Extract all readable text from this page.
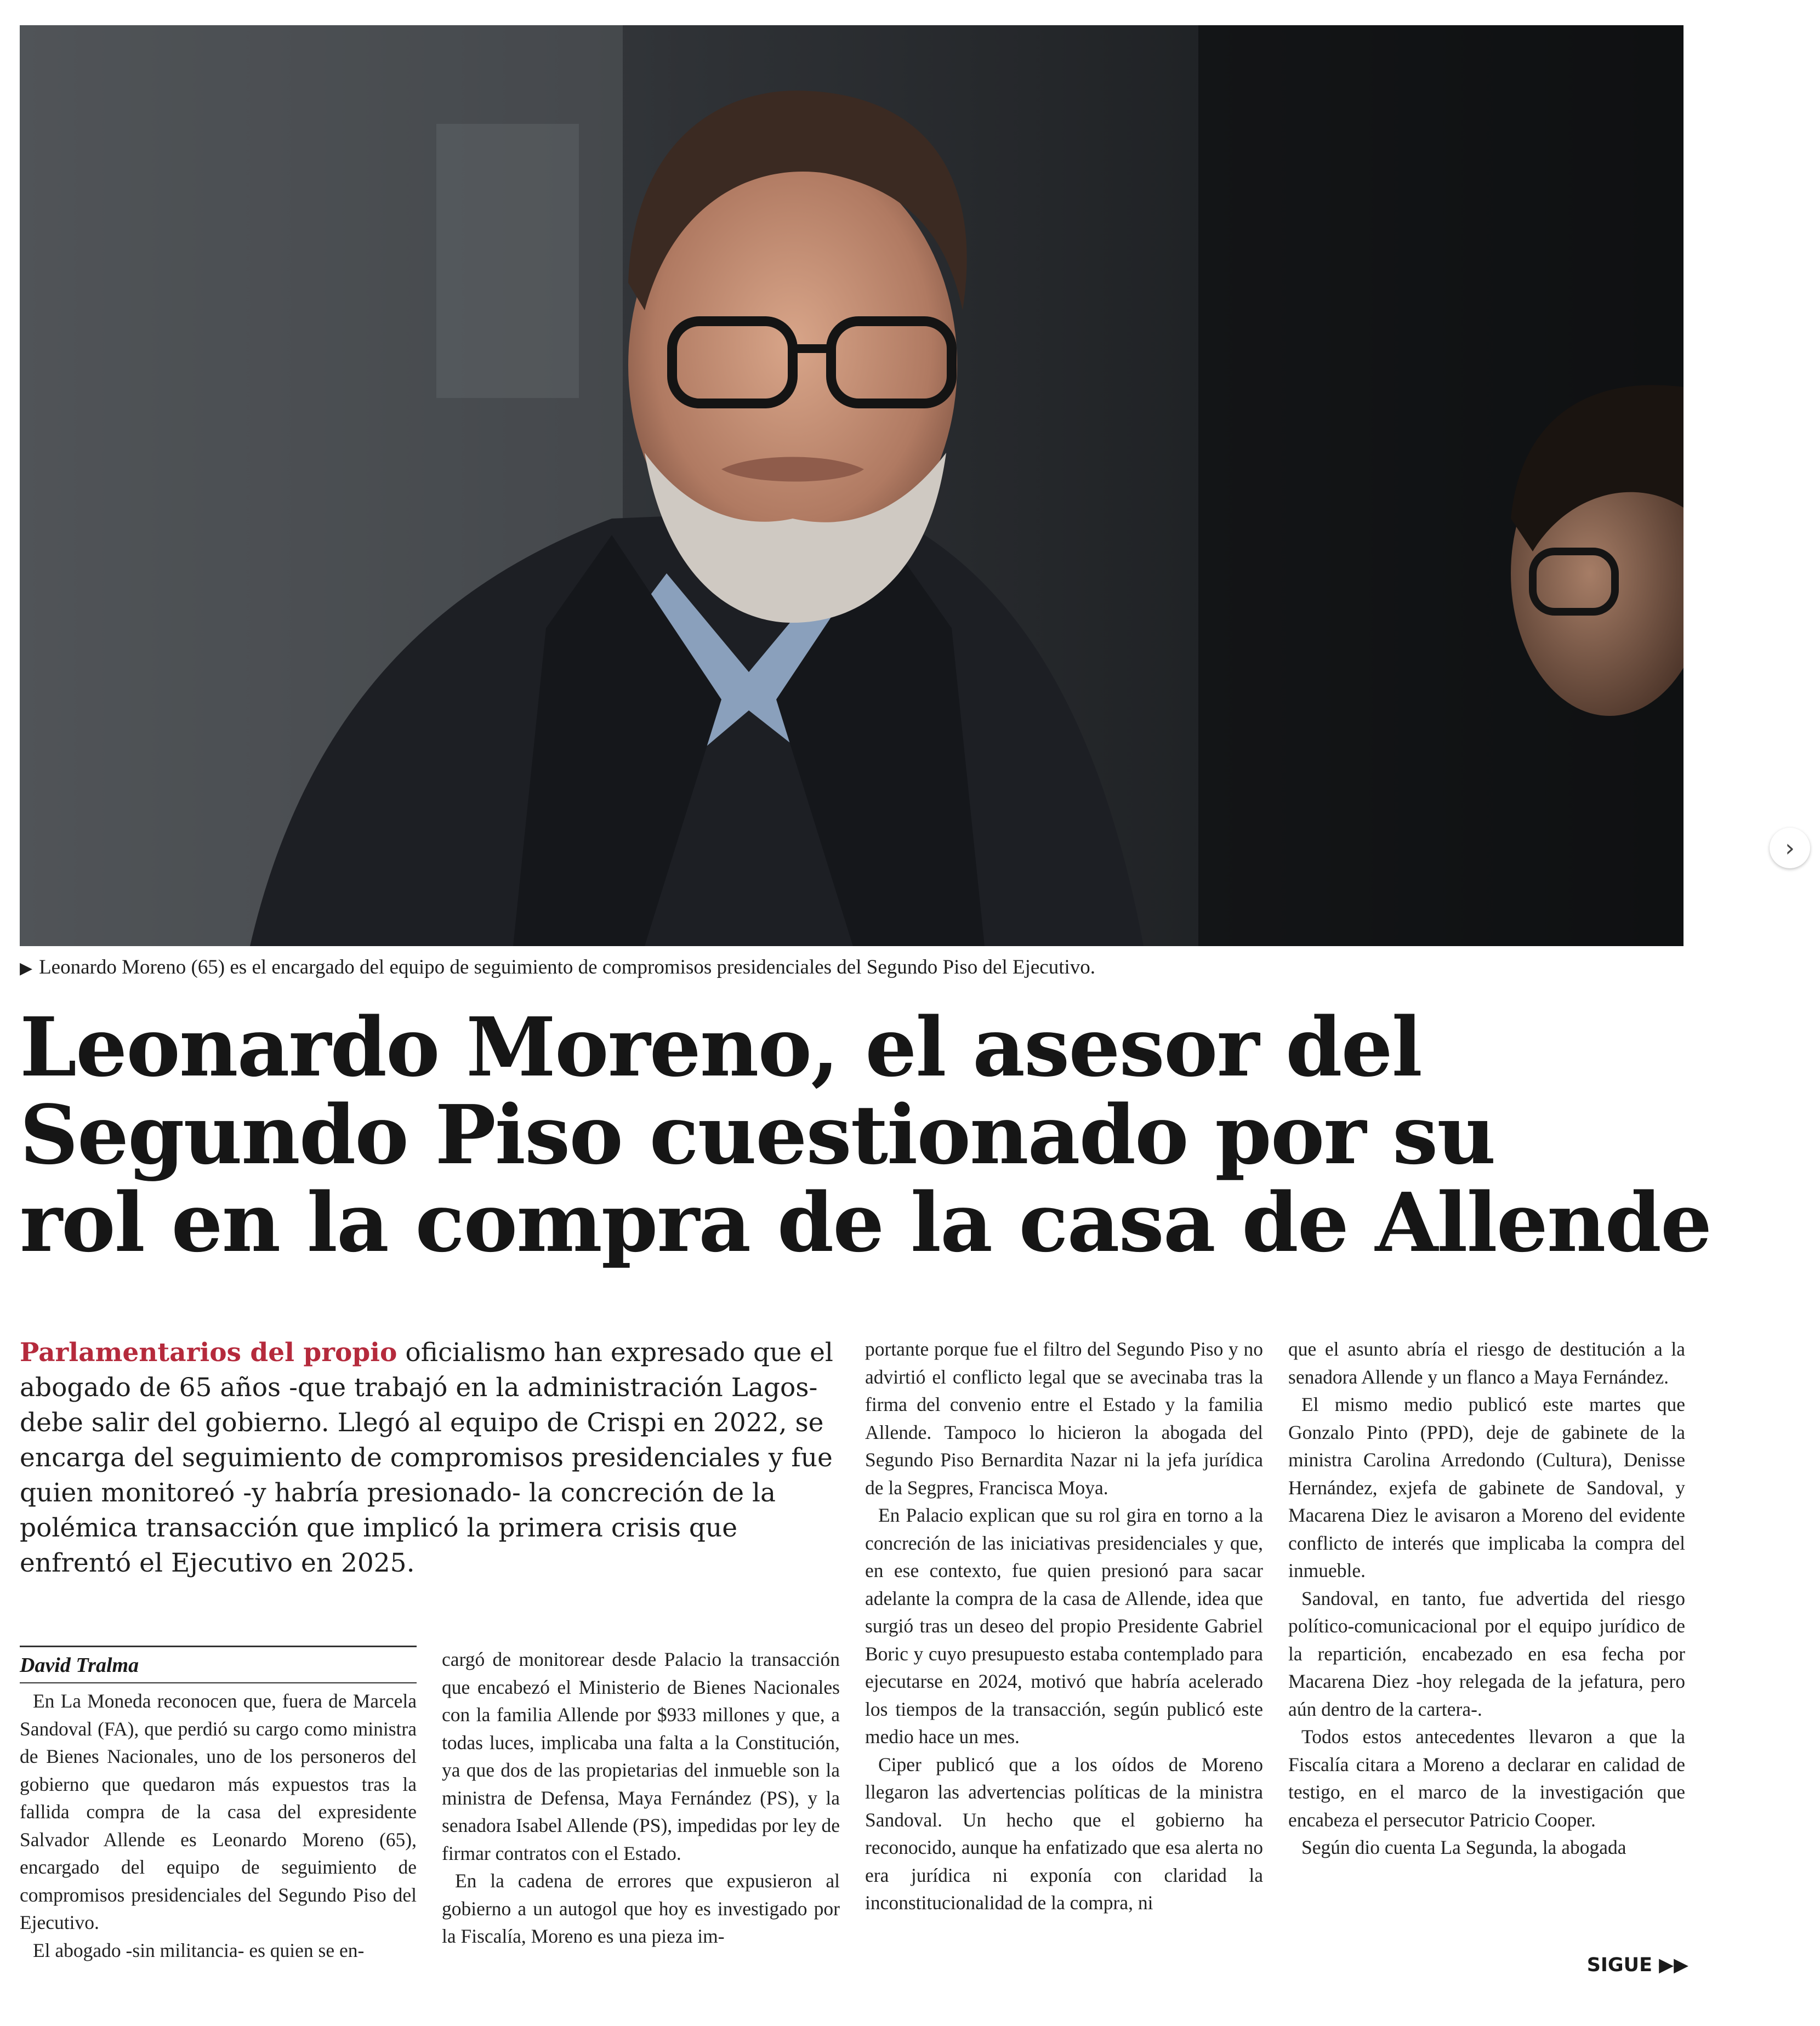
▶ Leonardo Moreno (65) es el encargado del equipo de seguimiento de compromisos presidenciales del Segundo Piso del Ejecutivo.
Leonardo Moreno, el asesor del
Segundo Piso cuestionado por su
rol en la compra de la casa de Allende
Parlamentarios del propio oficialismo han expresado que el abogado de 65 años -que trabajó en la administración Lagos- debe salir del gobierno. Llegó al equipo de Crispi en 2022, se encarga del seguimiento de compromisos presidenciales y fue quien monitoreó -y habría presionado- la concreción de la polémica transacción que implicó la primera crisis que enfrentó el Ejecutivo en 2025.
David Tralma

En La Moneda reconocen que, fuera de Marcela Sandoval (FA), que perdió su cargo como ministra de Bienes Nacionales, uno de los personeros del gobierno que quedaron más expuestos tras la fallida compra de la casa del expresidente Salvador Allende es Leonardo Moreno (65), encargado del equipo de seguimiento de compromisos presidenciales del Segundo Piso del Ejecutivo.

El abogado -sin militancia- es quien se en-

cargó de monitorear desde Palacio la transacción que encabezó el Ministerio de Bienes Nacionales con la familia Allende por $933 millones y que, a todas luces, implicaba una falta a la Constitución, ya que dos de las propietarias del inmueble son la ministra de Defensa, Maya Fernández (PS), y la senadora Isabel Allende (PS), impedidas por ley de firmar contratos con el Estado.

En la cadena de errores que expusieron al gobierno a un autogol que hoy es investigado por la Fiscalía, Moreno es una pieza im-

portante porque fue el filtro del Segundo Piso y no advirtió el conflicto legal que se avecinaba tras la firma del convenio entre el Estado y la familia Allende. Tampoco lo hicieron la abogada del Segundo Piso Bernardita Nazar ni la jefa jurídica de la Segpres, Francisca Moya.

En Palacio explican que su rol gira en torno a la concreción de las iniciativas presidenciales y que, en ese contexto, fue quien presionó para sacar adelante la compra de la casa de Allende, idea que surgió tras un deseo del propio Presidente Gabriel Boric y cuyo presupuesto estaba contemplado para ejecutarse en 2024, motivó que habría acelerado los tiempos de la transacción, según publicó este medio hace un mes.

Ciper publicó que a los oídos de Moreno llegaron las advertencias políticas de la ministra Sandoval. Un hecho que el gobierno ha reconocido, aunque ha enfatizado que esa alerta no era jurídica ni exponía con claridad la inconstitucionalidad de la compra, ni

que el asunto abría el riesgo de destitución a la senadora Allende y un flanco a Maya Fernández.

El mismo medio publicó este martes que Gonzalo Pinto (PPD), deje de gabinete de la ministra Carolina Arredondo (Cultura), Denisse Hernández, exjefa de gabinete de Sandoval, y Macarena Diez le avisaron a Moreno del evidente conflicto de interés que implicaba la compra del inmueble.

Sandoval, en tanto, fue advertida del riesgo político-comunicacional por el equipo jurídico de la repartición, encabezado en esa fecha por Macarena Diez -hoy relegada de la jefatura, pero aún dentro de la cartera-.

Todos estos antecedentes llevaron a que la Fiscalía citara a Moreno a declarar en calidad de testigo, en el marco de la investigación que encabeza el persecutor Patricio Cooper.

Según dio cuenta La Segunda, la abogada

SIGUE ▶▶
›
